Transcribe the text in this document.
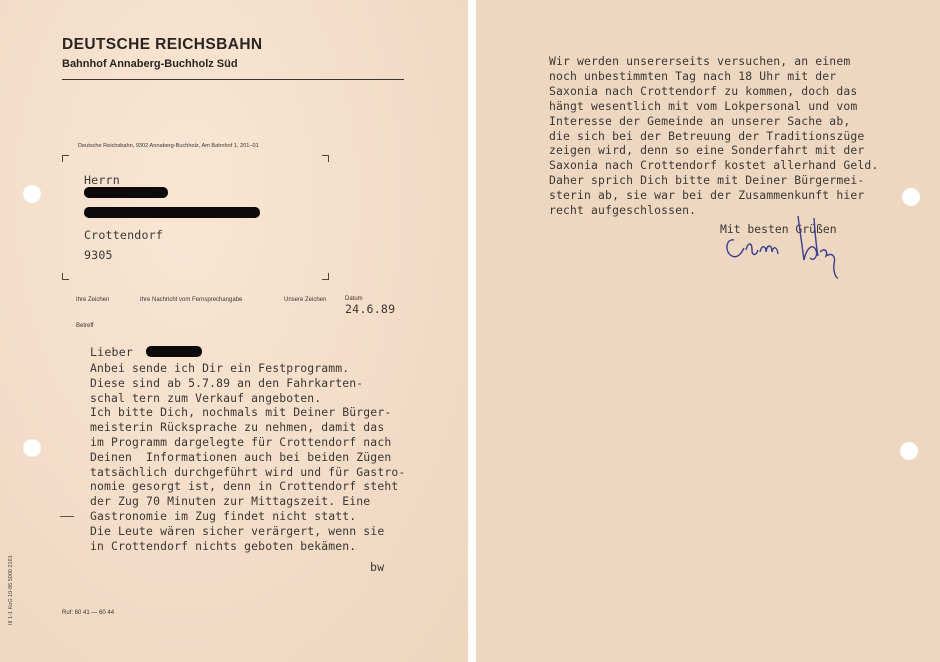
DEUTSCHE REICHSBAHN
Bahnhof Annaberg-Buchholz Süd
Deutsche Reichsbahn, 9302 Annaberg-Buchholz, Am Bahnhof 1, 201–01
Herrn
Crottendorf
9305
Ihre Zeichen	Ihre Nachricht vom Fernsprechangabe	Unsere Zeichen	Datum
24.6.89
Betreff
Lieber
bw
Ruf: 60 41 — 60 44
III 1-1 KoG 10-86 5000 2161
Anbei sende ich Dir ein Festprogramm.
Diese sind ab 5.7.89 an den Fahrkarten-
schal tern zum Verkauf angeboten.
Ich bitte Dich, nochmals mit Deiner Bürger-
meisterin Rücksprache zu nehmen, damit das
im Programm dargelegte für Crottendorf nach
Deinen  Informationen auch bei beiden Zügen
tatsächlich durchgeführt wird und für Gastro-
nomie gesorgt ist, denn in Crottendorf steht
der Zug 70 Minuten zur Mittagszeit. Eine
Gastronomie im Zug findet nicht statt.
Die Leute wären sicher verärgert, wenn sie
in Crottendorf nichts geboten bekämen.
Wir werden unsererseits versuchen, an einem
noch unbestimmten Tag nach 18 Uhr mit der
Saxonia nach Crottendorf zu kommen, doch das
hängt wesentlich mit vom Lokpersonal und vom
Interesse der Gemeinde an unserer Sache ab,
die sich bei der Betreuung der Traditionszüge
zeigen wird, denn so eine Sonderfahrt mit der
Saxonia nach Crottendorf kostet allerhand Geld.
Daher sprich Dich bitte mit Deiner Bürgermei-
sterin ab, sie war bei der Zusammenkunft hier
recht aufgeschlossen.
Mit besten Grüßen
